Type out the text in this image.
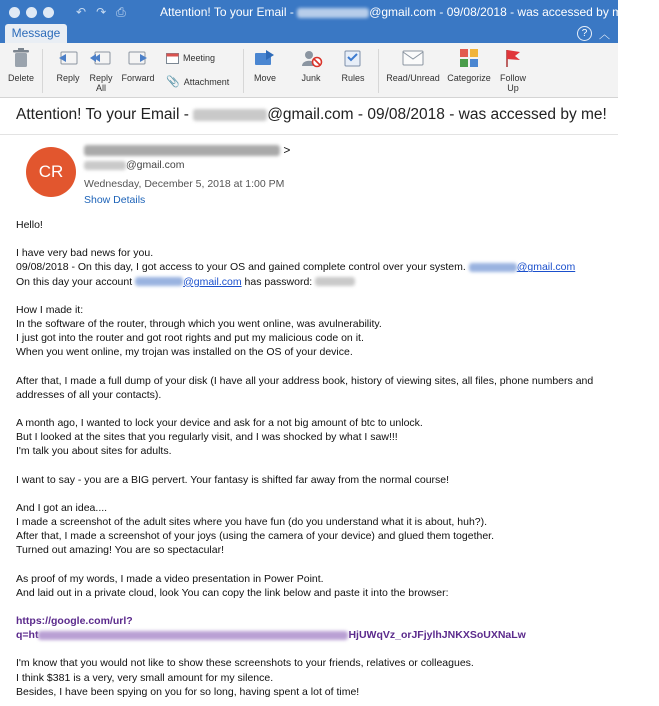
↶ ↷ ⎙	Attention! To your Email -	@gmail.com - 09/08/2018 - was accessed by me! - T...
Message	?	︿
Delete	Reply	Reply All
Forward
Meeting
📎 Attachment	Move	Junk	Rules	Read/Unread Categorize	Follow Up
Attention! To your Email -	@gmail.com - 09/08/2018 - was accessed by me!
CR
>
@gmail.com
Wednesday, December 5, 2018 at 1:00 PM
Show Details

Hello!

I have very bad news for you.

09/08/2018 - On this day, I got access to your OS and gained complete control over your system.	@gmail.com

On this day your account	@gmail.com has password:

How I made it:

In the software of the router, through which you went online, was avulnerability.

I just got into the router and got root rights and put my malicious code on it.

When you went online, my trojan was installed on the OS of your device.

After that, I made a full dump of your disk (I have all your address book, history of viewing sites, all files, phone numbers and addresses of all your contacts).

A month ago, I wanted to lock your device and ask for a not big amount of btc to unlock.

But I looked at the sites that you regularly visit, and I was shocked by what I saw!!!

I'm talk you about sites for adults.

I want to say - you are a BIG pervert. Your fantasy is shifted far away from the normal course!

And I got an idea....

I made a screenshot of the adult sites where you have fun (do you understand what it is about, huh?).

After that, I made a screenshot of your joys (using the camera of your device) and glued them together.

Turned out amazing! You are so spectacular!

As proof of my words, I made a video presentation in Power Point.

And laid out in a private cloud, look You can copy the link below and paste it into the browser:

https://google.com/url?

q=ht	HjUWqVz_orJFjylhJNKXSoUXNaLw

I'm know that you would not like to show these screenshots to your friends, relatives or colleagues.

I think $381 is a very, very small amount for my silence.

Besides, I have been spying on you for so long, having spent a lot of time!
